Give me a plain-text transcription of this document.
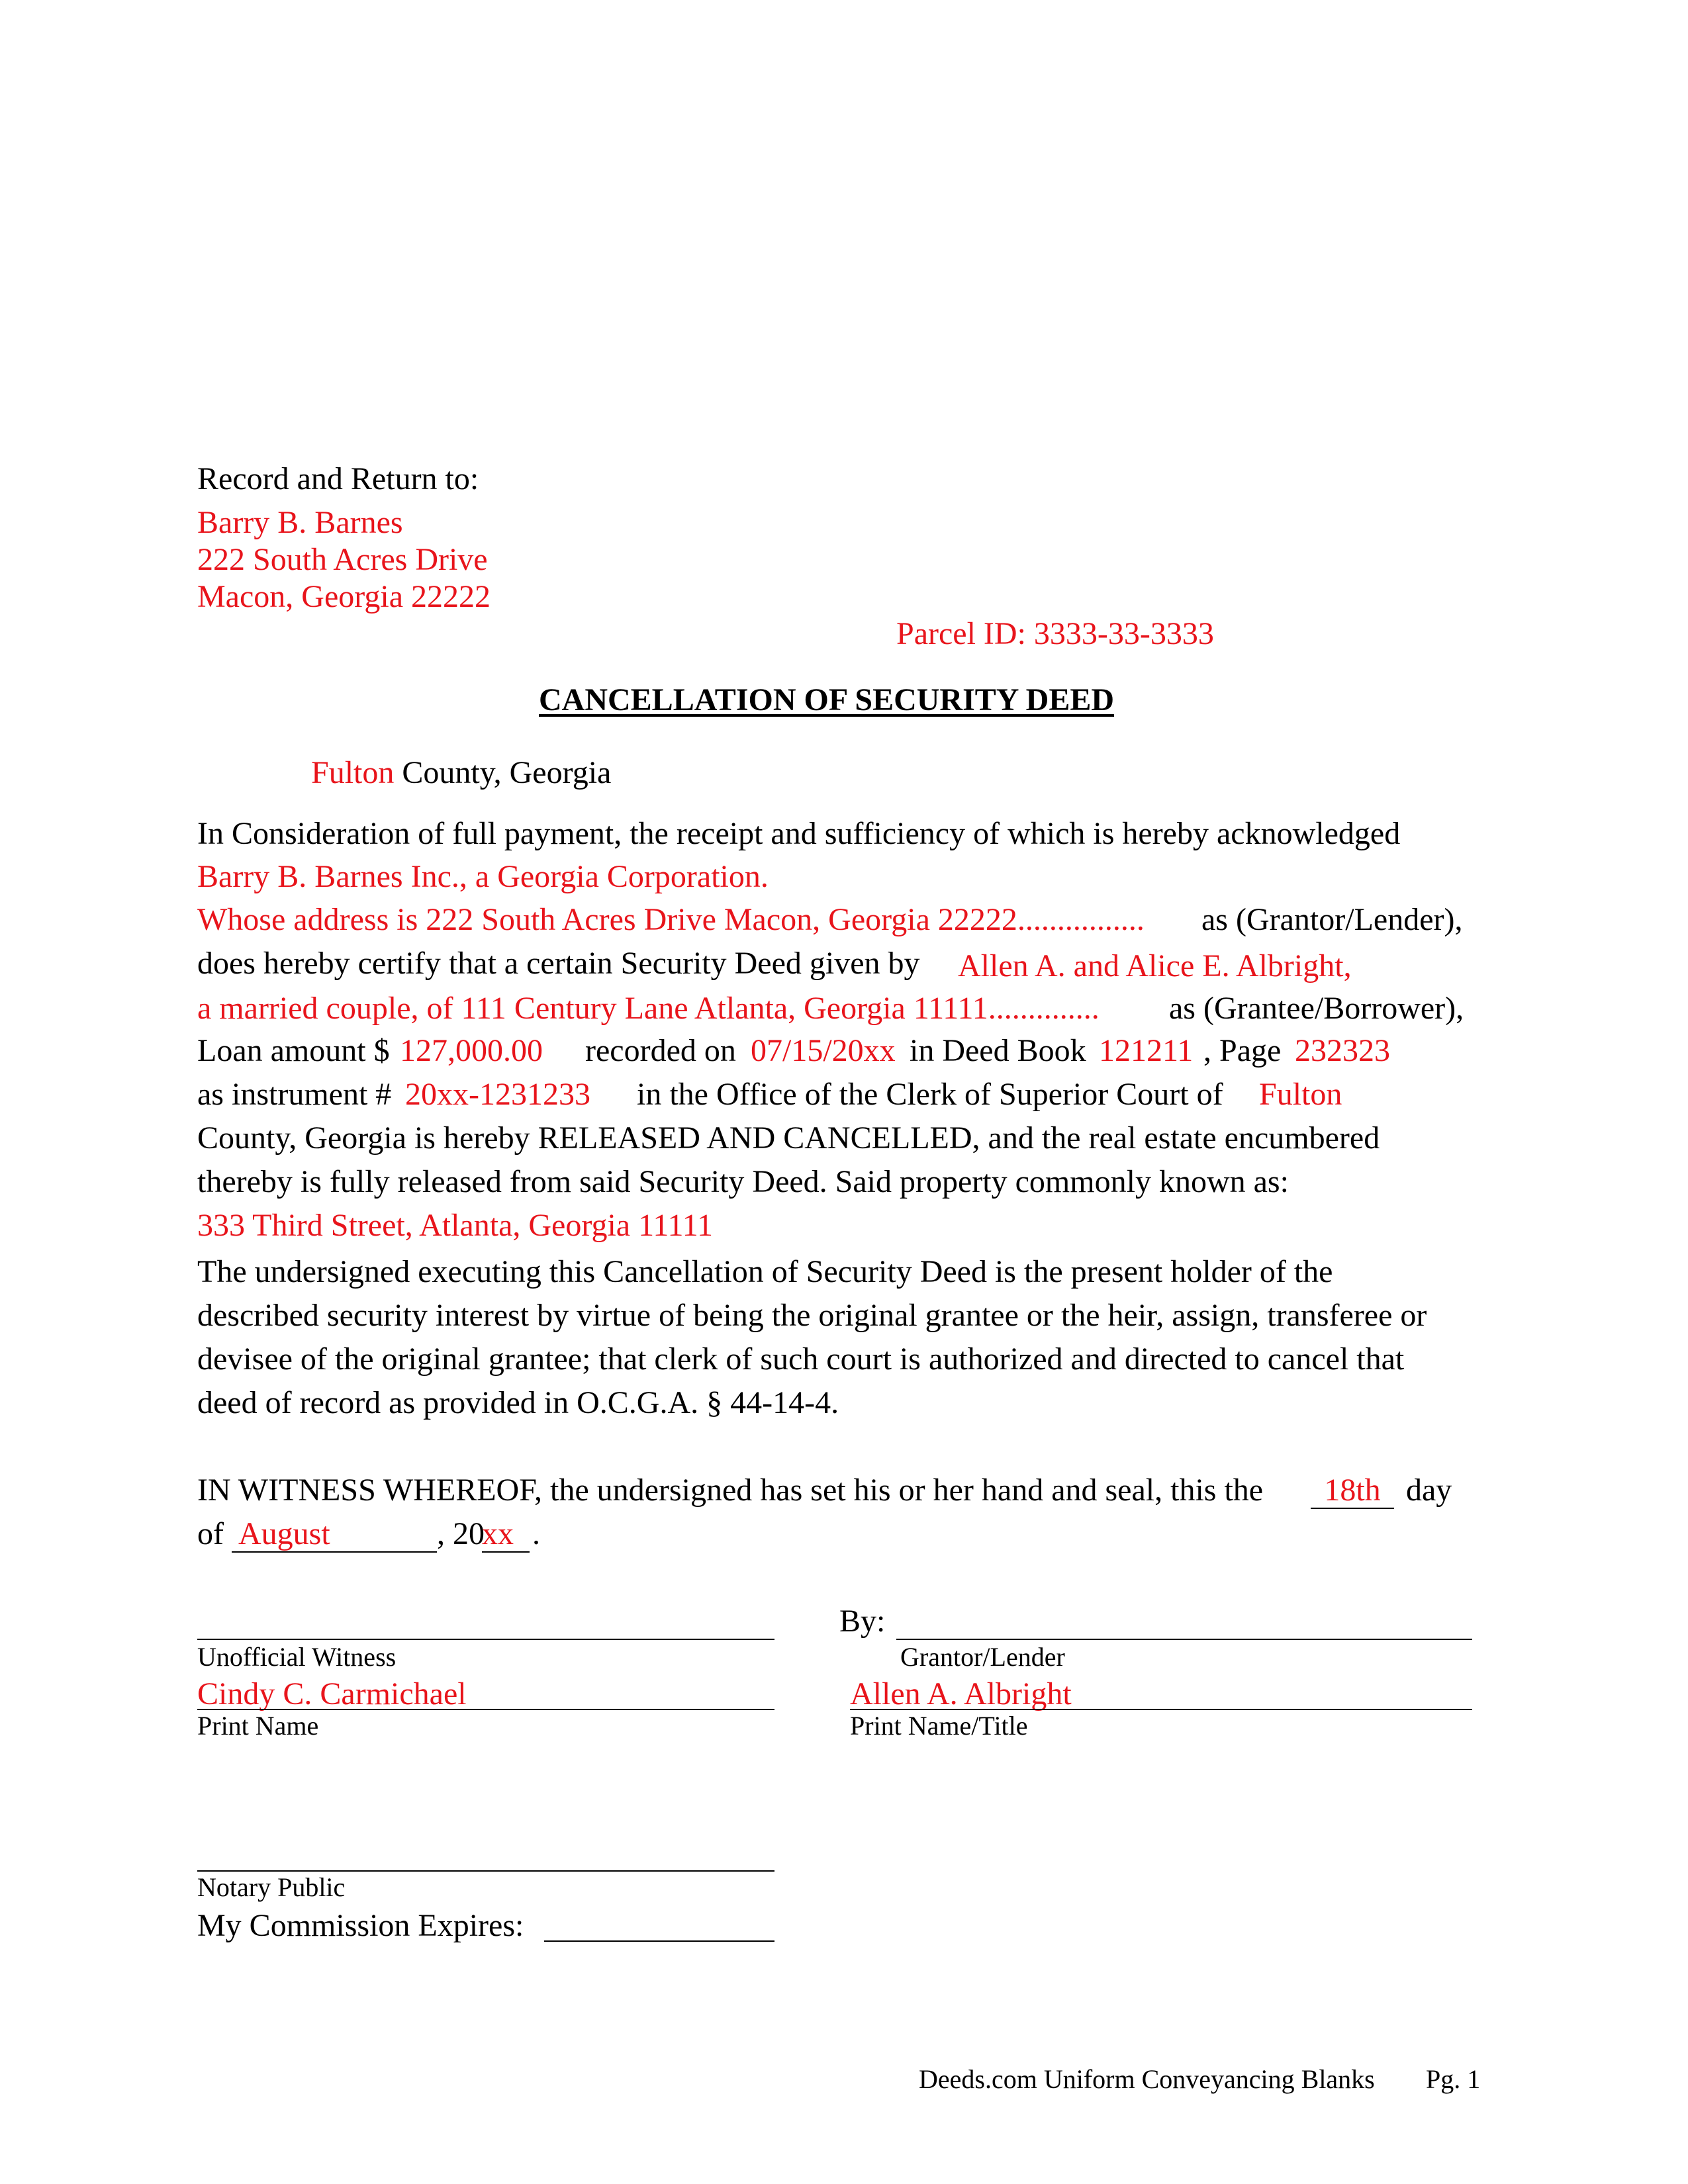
Record and Return to:
Barry B. Barnes
222 South Acres Drive
Macon, Georgia 22222
Parcel ID: 3333-33-3333
CANCELLATION OF SECURITY DEED
Fulton County, Georgia
In Consideration of full payment, the receipt and sufficiency of which is hereby acknowledged
Barry B. Barnes Inc., a Georgia Corporation.
Whose address is 222 South Acres Drive Macon, Georgia 22222................ as (Grantor/Lender),
does hereby certify that a certain Security Deed given by Allen A. and Alice E. Albright,
a married couple, of 111 Century Lane Atlanta, Georgia 11111.............. as (Grantee/Borrower),
Loan amount $ 127,000.00 recorded on 07/15/20xx in Deed Book 121211 , Page 232323
as instrument # 20xx-1231233 in the Office of the Clerk of Superior Court of Fulton
County, Georgia is hereby RELEASED AND CANCELLED, and the real estate encumbered
thereby is fully released from said Security Deed. Said property commonly known as:
333 Third Street, Atlanta, Georgia 11111
The undersigned executing this Cancellation of Security Deed is the present holder of the
described security interest by virtue of being the original grantee or the heir, assign, transferee or
devisee of the original grantee; that clerk of such court is authorized and directed to cancel that
deed of record as provided in O.C.G.A. § 44-14-4.
IN WITNESS WHEREOF, the undersigned has set his or her hand and seal, this the	18th day
of August	, 20
xx .
Unofficial Witness
Cindy C. Carmichael
Print Name
By:
Grantor/Lender
Allen A. Albright
Print Name/Title
Notary Public
My Commission Expires:
Deeds.com Uniform Conveyancing Blanks Pg. 1
